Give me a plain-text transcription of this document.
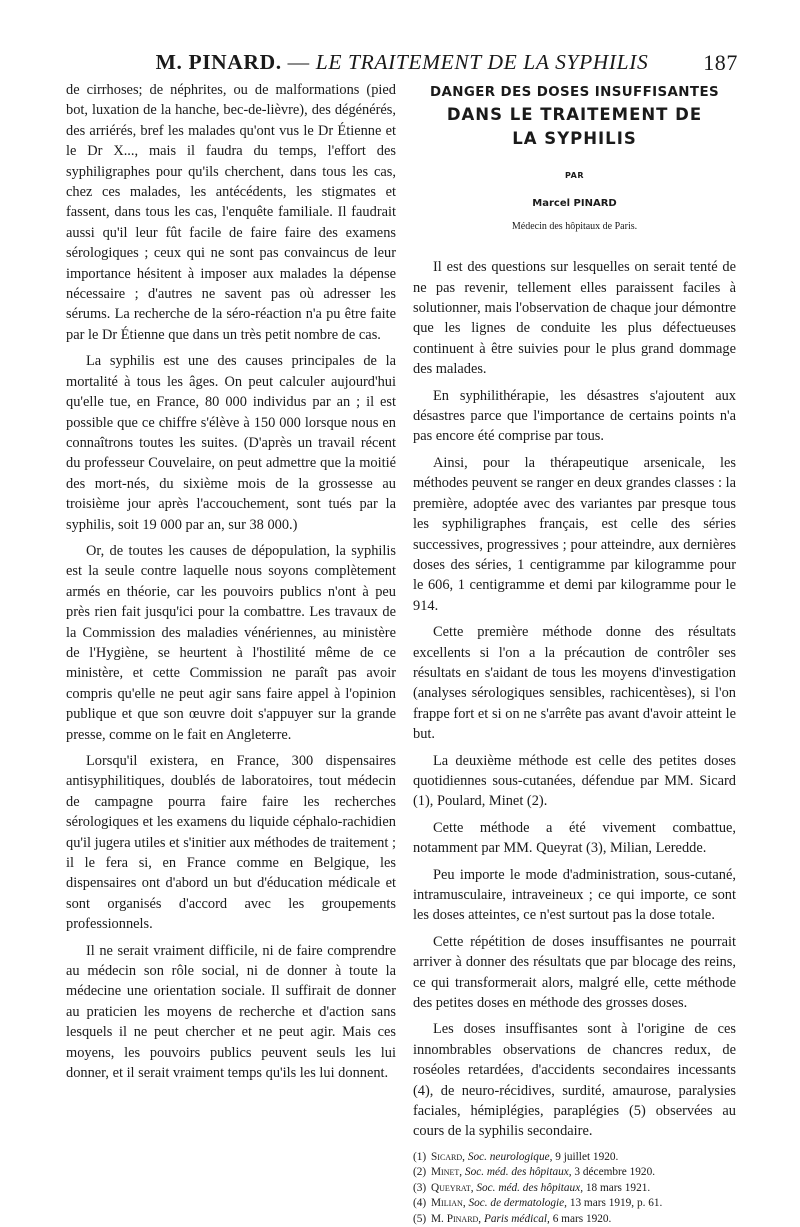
M. PINARD. — LE TRAITEMENT DE LA SYPHILIS 187

de cirrhoses; de néphrites, ou de malformations (pied bot, luxation de la hanche, bec-de-lièvre), des dégénérés, des arriérés, bref les malades qu'ont vus le Dr Étienne et le Dr X..., mais il faudra du temps, l'effort des syphiligraphes pour qu'ils cherchent, dans tous les cas, chez ces malades, les antécédents, les stigmates et fassent, dans tous les cas, l'enquête familiale. Il faudrait aussi qu'il leur fût facile de faire faire des examens sérologiques ; ceux qui ne sont pas convaincus de leur importance hésitent à imposer aux malades la dépense nécessaire ; d'autres ne savent pas où adresser les sérums. La recherche de la séro-réaction n'a pu être faite par le Dr Étienne que dans un très petit nombre de cas.

La syphilis est une des causes principales de la mortalité à tous les âges. On peut calculer aujourd'hui qu'elle tue, en France, 80 000 individus par an ; il est possible que ce chiffre s'élève à 150 000 lorsque nous en connaîtrons toutes les suites. (D'après un travail récent du professeur Couvelaire, on peut admettre que la moitié des mort-nés, du sixième mois de la grossesse au troisième jour après l'accouchement, sont tués par la syphilis, soit 19 000 par an, sur 38 000.)

Or, de toutes les causes de dépopulation, la syphilis est la seule contre laquelle nous soyons complètement armés en théorie, car les pouvoirs publics n'ont à peu près rien fait jusqu'ici pour la combattre. Les travaux de la Commission des maladies vénériennes, au ministère de l'Hygiène, se heurtent à l'hostilité même de ce ministère, et cette Commission ne paraît pas avoir compris qu'elle ne peut agir sans faire appel à l'opinion publique et que son œuvre doit s'appuyer sur la grande presse, comme on le fait en Angleterre.

Lorsqu'il existera, en France, 300 dispensaires antisyphilitiques, doublés de laboratoires, tout médecin de campagne pourra faire faire les recherches sérologiques et les examens du liquide céphalo-rachidien qu'il jugera utiles et s'initier aux méthodes de traitement ; il le fera si, en France comme en Belgique, les dispensaires ont d'abord un but d'éducation médicale et sont organisés d'accord avec les groupements professionnels.

Il ne serait vraiment difficile, ni de faire comprendre au médecin son rôle social, ni de donner à toute la médecine une orientation sociale. Il suffirait de donner au praticien les moyens de recherche et d'action sans lesquels il ne peut chercher et ne peut agir. Mais ces moyens, les pouvoirs publics peuvent seuls les lui donner, et il serait vraiment temps qu'ils les lui donnent.

DANGER DES DOSES INSUFFISANTES
DANS LE TRAITEMENT DE
LA SYPHILIS
PAR
Marcel PINARD
Médecin des hôpitaux de Paris.

Il est des questions sur lesquelles on serait tenté de ne pas revenir, tellement elles paraissent faciles à solutionner, mais l'observation de chaque jour démontre que les lignes de conduite les plus défectueuses continuent à être suivies pour le plus grand dommage des malades.

En syphilithérapie, les désastres s'ajoutent aux désastres parce que l'importance de certains points n'a pas encore été comprise par tous.

Ainsi, pour la thérapeutique arsenicale, les méthodes peuvent se ranger en deux grandes classes : la première, adoptée avec des variantes par presque tous les syphiligraphes français, est celle des séries successives, progressives ; pour atteindre, aux dernières doses des séries, 1 centigramme par kilogramme pour le 606, 1 centigramme et demi par kilogramme pour le 914.

Cette première méthode donne des résultats excellents si l'on a la précaution de contrôler ses résultats en s'aidant de tous les moyens d'investigation (analyses sérologiques sensibles, rachicentèses), si l'on frappe fort et si on ne s'arrête pas avant d'avoir atteint le but.

La deuxième méthode est celle des petites doses quotidiennes sous-cutanées, défendue par MM. Sicard (1), Poulard, Minet (2).

Cette méthode a été vivement combattue, notamment par MM. Queyrat (3), Milian, Leredde.

Peu importe le mode d'administration, sous-cutané, intramusculaire, intraveineux ; ce qui importe, ce sont les doses atteintes, ce n'est surtout pas la dose totale.

Cette répétition de doses insuffisantes ne pourrait arriver à donner des résultats que par blocage des reins, ce qui transformerait alors, malgré elle, cette méthode des petites doses en méthode des grosses doses.

Les doses insuffisantes sont à l'origine de ces innombrables observations de chancres redux, de roséoles retardées, d'accidents secondaires incessants (4), de neuro-récidives, surdité, amaurose, paralysies faciales, hémiplégies, paraplégies (5) observées au cours de la syphilis secondaire.

(1) Sicard, Soc. neurologique, 9 juillet 1920.
(2) Minet, Soc. méd. des hôpitaux, 3 décembre 1920.
(3) Queyrat, Soc. méd. des hôpitaux, 18 mars 1921.
(4) Milian, Soc. de dermatologie, 13 mars 1919, p. 61.
(5) M. Pinard, Paris médical, 6 mars 1920.
